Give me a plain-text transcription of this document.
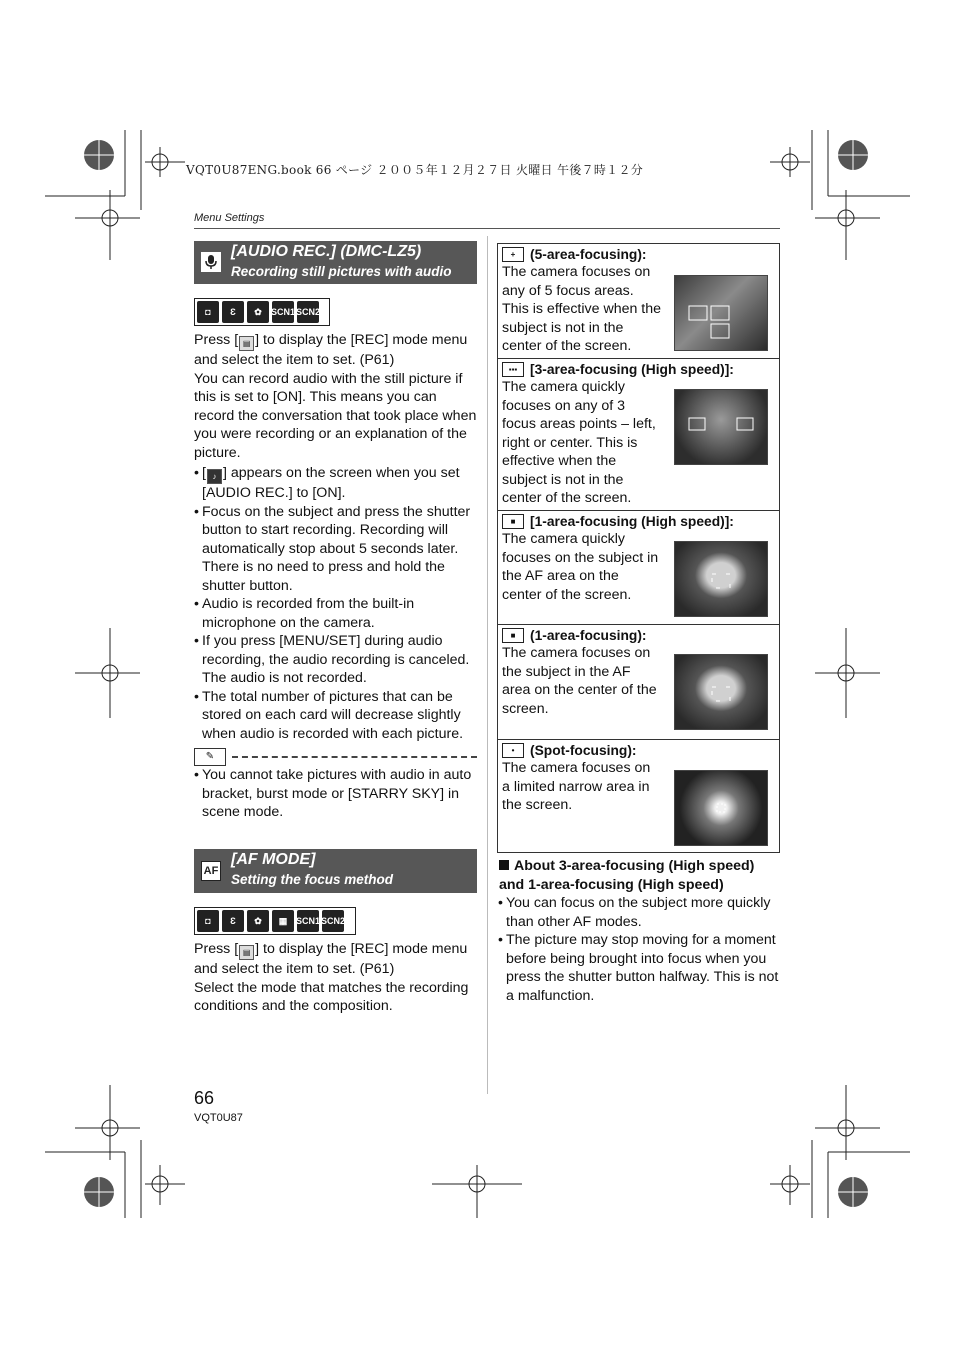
VQT0U87ENG.book 66 ページ ２００５年１２月２７日 火曜日 午後７時１２分
Menu Settings
[AUDIO REC.] (DMC-LZ5)
Recording still pictures with audio
◘	Ɛ	✿	SCN1 SCN2

Press [ ▤ ] to display the [REC] mode menu and select the item to set. (P61)

You can record audio with the still picture if this is set to [ON]. This means you can record the conversation that took place when you were recording or an explanation of the picture.

• [ ♪ ] appears on the screen when you set [AUDIO REC.] to [ON].
• Focus on the subject and press the shutter button to start recording. Recording will automatically stop about 5 seconds later. There is no need to press and hold the shutter button.
• Audio is recorded from the built-in microphone on the camera.
• If you press [MENU/SET] during audio recording, the audio recording is canceled. The audio is not recorded.
• The total number of pictures that can be stored on each card will decrease slightly when audio is recorded with each picture.
✎
• You cannot take pictures with audio in auto bracket, burst mode or [STARRY SKY] in scene mode.
AF
[AF MODE]
Setting the focus method
◘	Ɛ	✿	▦ SCN1 SCN2

Press [ ▤ ] to display the [REC] mode menu and select the item to set. (P61)

Select the mode that matches the recording conditions and the composition.

+	(5-area-focusing):
The camera focuses on any of 5 focus areas. This is effective when the subject is not in the center of the screen.
▪▪▪ [3-area-focusing (High speed)]:
The camera quickly focuses on any of 3 focus areas points – left, right or center. This is effective when the subject is not in the center of the screen.
■	[1-area-focusing (High speed)]:
The camera quickly focuses on the subject in the AF area on the center of the screen.
■	(1-area-focusing):
The camera focuses on the subject in the AF area on the center of the screen.
•	(Spot-focusing):
The camera focuses on a limited narrow area in the screen.
About 3-area-focusing (High speed) and 1-area-focusing (High speed)
• You can focus on the subject more quickly than other AF modes.
• The picture may stop moving for a moment before being brought into focus when you press the shutter button halfway. This is not a malfunction.
66
VQT0U87
